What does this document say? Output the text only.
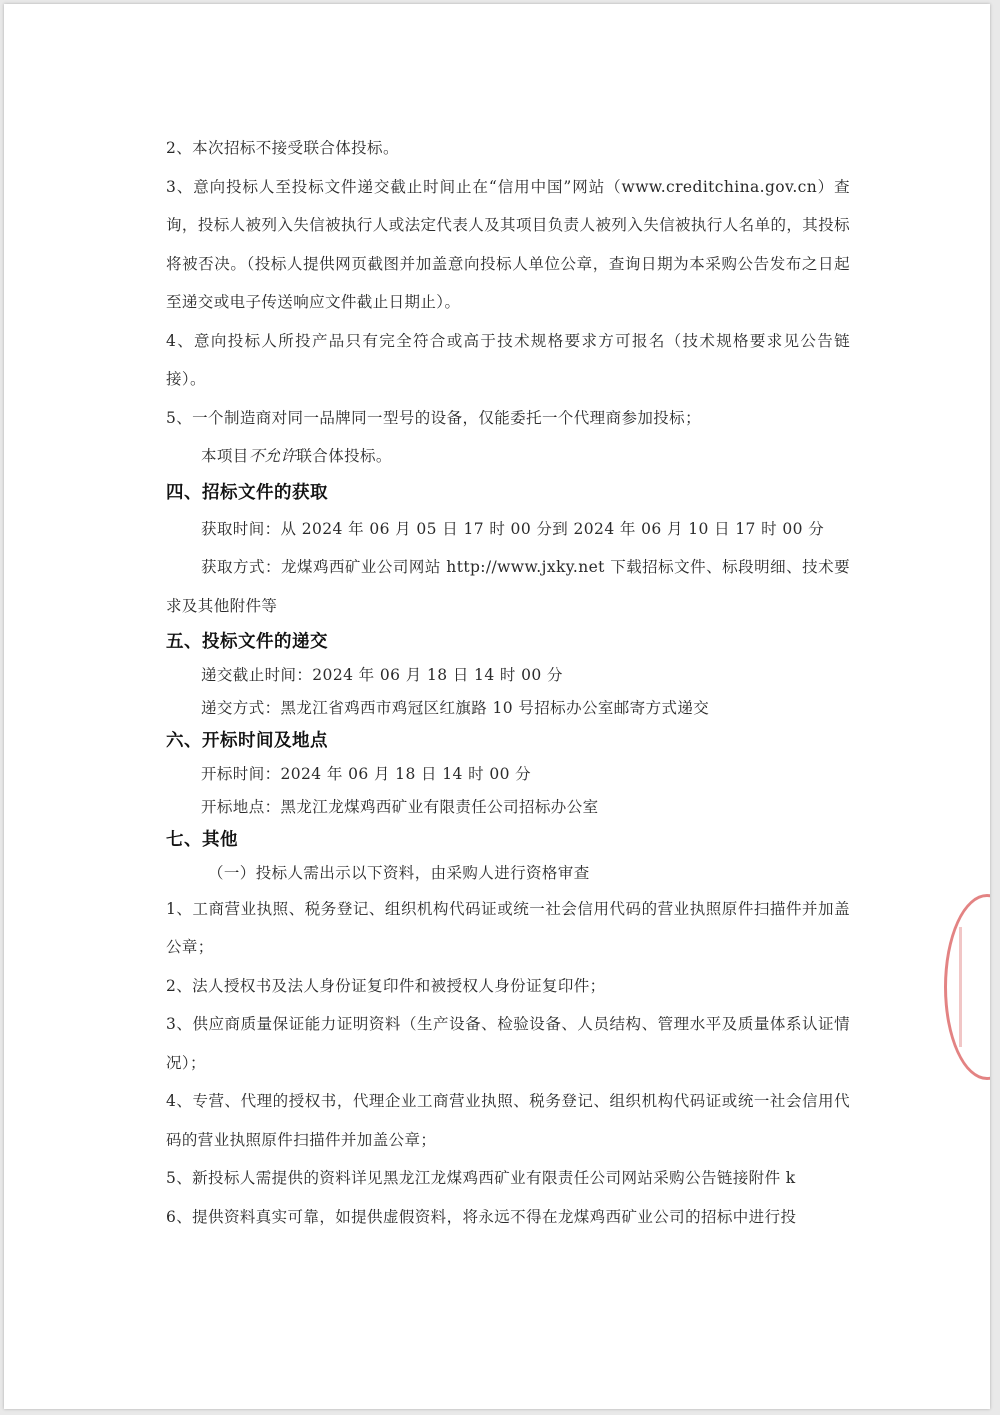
2、本次招标不接受联合体投标。

3、意向投标人至投标文件递交截止时间止在“信用中国”网站（www.creditchina.gov.cn）查询，投标人被列入失信被执行人或法定代表人及其项目负责人被列入失信被执行人名单的，其投标将被否决。（投标人提供网页截图并加盖意向投标人单位公章，查询日期为本采购公告发布之日起至递交或电子传送响应文件截止日期止）。

4、意向投标人所投产品只有完全符合或高于技术规格要求方可报名（技术规格要求见公告链接）。

5、一个制造商对同一品牌同一型号的设备，仅能委托一个代理商参加投标；

本项目不允许联合体投标。

四、招标文件的获取

获取时间：从 2024 年 06 月 05 日 17 时 00 分到 2024 年 06 月 10 日 17 时 00 分

获取方式：龙煤鸡西矿业公司网站 http://www.jxky.net 下载招标文件、标段明细、技术要求及其他附件等

五、投标文件的递交

递交截止时间：2024 年 06 月 18 日 14 时 00 分

递交方式：黑龙江省鸡西市鸡冠区红旗路 10 号招标办公室邮寄方式递交

六、开标时间及地点

开标时间：2024 年 06 月 18 日 14 时 00 分

开标地点：黑龙江龙煤鸡西矿业有限责任公司招标办公室

七、其他

（一）投标人需出示以下资料，由采购人进行资格审查

1、工商营业执照、税务登记、组织机构代码证或统一社会信用代码的营业执照原件扫描件并加盖公章；

2、法人授权书及法人身份证复印件和被授权人身份证复印件；

3、供应商质量保证能力证明资料（生产设备、检验设备、人员结构、管理水平及质量体系认证情况）；

4、专营、代理的授权书，代理企业工商营业执照、税务登记、组织机构代码证或统一社会信用代码的营业执照原件扫描件并加盖公章；

5、新投标人需提供的资料详见黑龙江龙煤鸡西矿业有限责任公司网站采购公告链接附件 k

6、提供资料真实可靠，如提供虚假资料，将永远不得在龙煤鸡西矿业公司的招标中进行投
